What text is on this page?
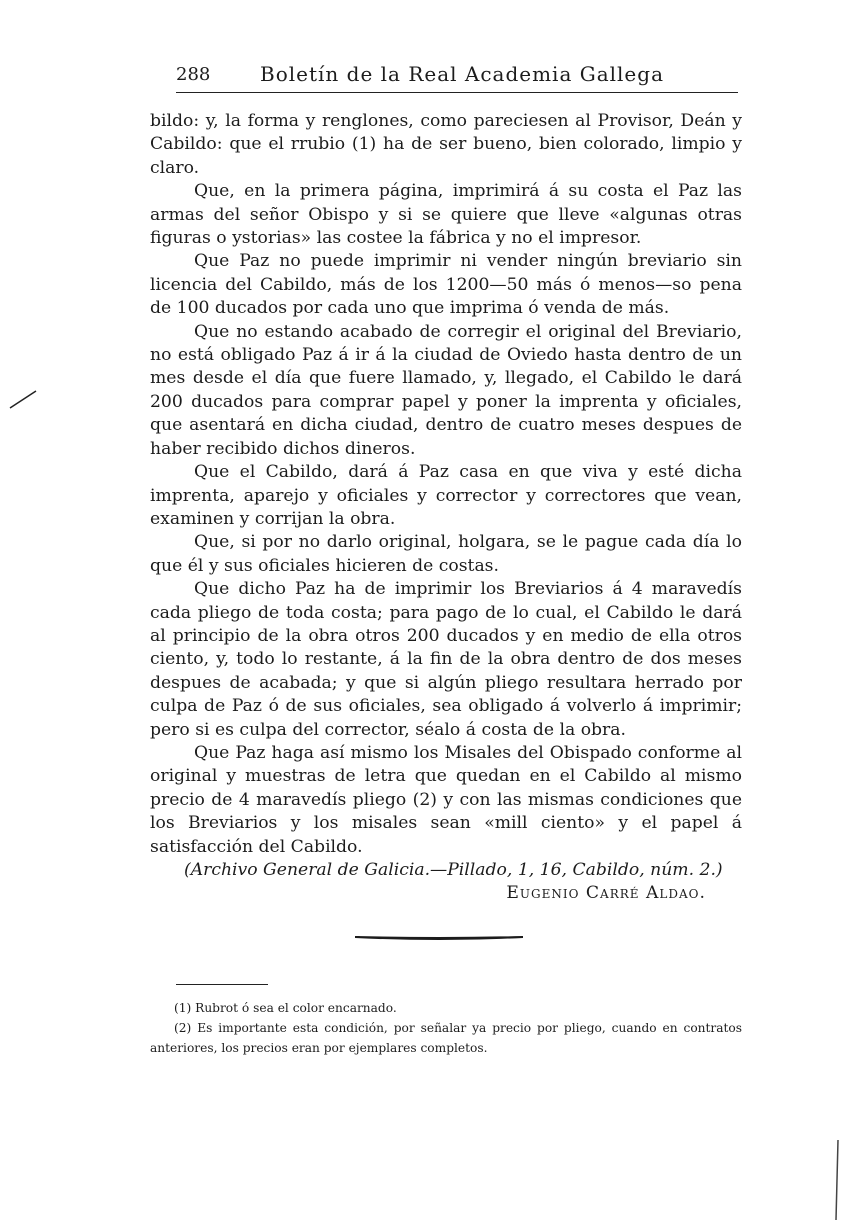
288 Boletín de la Real Academia Gallega

bildo: y, la forma y renglones, como pareciesen al Provisor, Deán y Cabildo: que el rrubio (1) ha de ser bueno, bien colorado, limpio y claro.

Que, en la primera página, imprimirá á su costa el Paz las armas del señor Obispo y si se quiere que lleve «algunas otras figuras o ystorias» las costee la fábrica y no el impresor.

Que Paz no puede imprimir ni vender ningún breviario sin licencia del Cabildo, más de los 1200—50 más ó menos—so pena de 100 ducados por cada uno que imprima ó venda de más.

Que no estando acabado de corregir el original del Breviario, no está obligado Paz á ir á la ciudad de Oviedo hasta dentro de un mes desde el día que fuere llamado, y, llegado, el Cabildo le dará 200 ducados para comprar papel y poner la imprenta y oficiales, que asentará en dicha ciudad, dentro de cuatro meses despues de haber recibido dichos dineros.

Que el Cabildo, dará á Paz casa en que viva y esté dicha imprenta, aparejo y oficiales y corrector y correctores que vean, examinen y corrijan la obra.

Que, si por no darlo original, holgara, se le pague cada día lo que él y sus oficiales hicieren de costas.

Que dicho Paz ha de imprimir los Breviarios á 4 maravedís cada pliego de toda costa; para pago de lo cual, el Cabildo le dará al principio de la obra otros 200 ducados y en medio de ella otros ciento, y, todo lo restante, á la fin de la obra dentro de dos meses despues de acabada; y que si algún pliego resultara herrado por culpa de Paz ó de sus oficiales, sea obligado á volverlo á imprimir; pero si es culpa del corrector, séalo á costa de la obra.

Que Paz haga así mismo los Misales del Obispado conforme al original y muestras de letra que quedan en el Cabildo al mismo precio de 4 maravedís pliego (2) y con las mismas condiciones que los Breviarios y los misales sean «mill ciento» y el papel á satisfacción del Cabildo.

(Archivo General de Galicia.—Pillado, 1, 16, Cabildo, núm. 2.)

Eugenio Carré Aldao.

(1) Rubrot ó sea el color encarnado.

(2) Es importante esta condición, por señalar ya precio por pliego, cuando en contratos anteriores, los precios eran por ejemplares completos.
